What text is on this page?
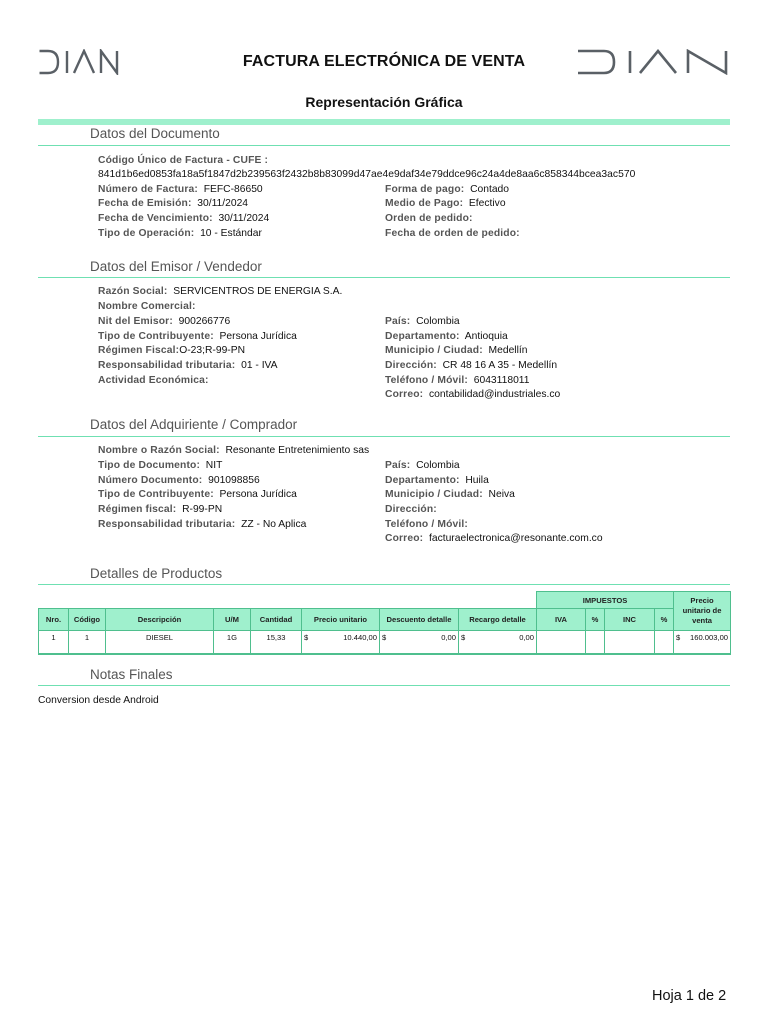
FACTURA ELECTRÓNICA DE VENTA
Representación Gráfica
Datos del Documento
Código Único de Factura - CUFE :
841d1b6ed0853fa18a5f1847d2b239563f2432b8b83099d47ae4e9daf34e79ddce96c24a4de8aa6c858344bcea3ac570
Número de Factura: FEFC-86650
Fecha de Emisión: 30/11/2024
Fecha de Vencimiento: 30/11/2024
Tipo de Operación: 10 - Estándar
Forma de pago: Contado
Medio de Pago: Efectivo
Orden de pedido:
Fecha de orden de pedido:
Datos del Emisor / Vendedor
Razón Social: SERVICENTROS DE ENERGIA S.A.
Nombre Comercial:
Nit del Emisor: 900266776
Tipo de Contribuyente: Persona Jurídica
Régimen Fiscal:O-23;R-99-PN
Responsabilidad tributaria: 01 - IVA
Actividad Económica:
País: Colombia
Departamento: Antioquia
Municipio / Ciudad: Medellín
Dirección: CR 48 16 A 35 - Medellín
Teléfono / Móvil: 6043118011
Correo: contabilidad@industriales.co
Datos del Adquiriente / Comprador
Nombre o Razón Social: Resonante Entretenimiento sas
Tipo de Documento: NIT
Número Documento: 901098856
Tipo de Contribuyente: Persona Jurídica
Régimen fiscal: R-99-PN
Responsabilidad tributaria: ZZ - No Aplica
País: Colombia
Departamento: Huila
Municipio / Ciudad: Neiva
Dirección:
Teléfono / Móvil:
Correo: facturaelectronica@resonante.com.co
Detalles de Productos
								IMPUESTOS				Precio unitario de venta
Nro.	Código	Descripción	U/M	Cantidad	Precio unitario	Descuento detalle	Recargo detalle	IVA	%	INC	%	
1	1	DIESEL	1G	15,33	$ 10.440,00	$ 0,00	$ 0,00					$ 160.003,00

Notas Finales
Conversion desde Android
Hoja 1 de 2
